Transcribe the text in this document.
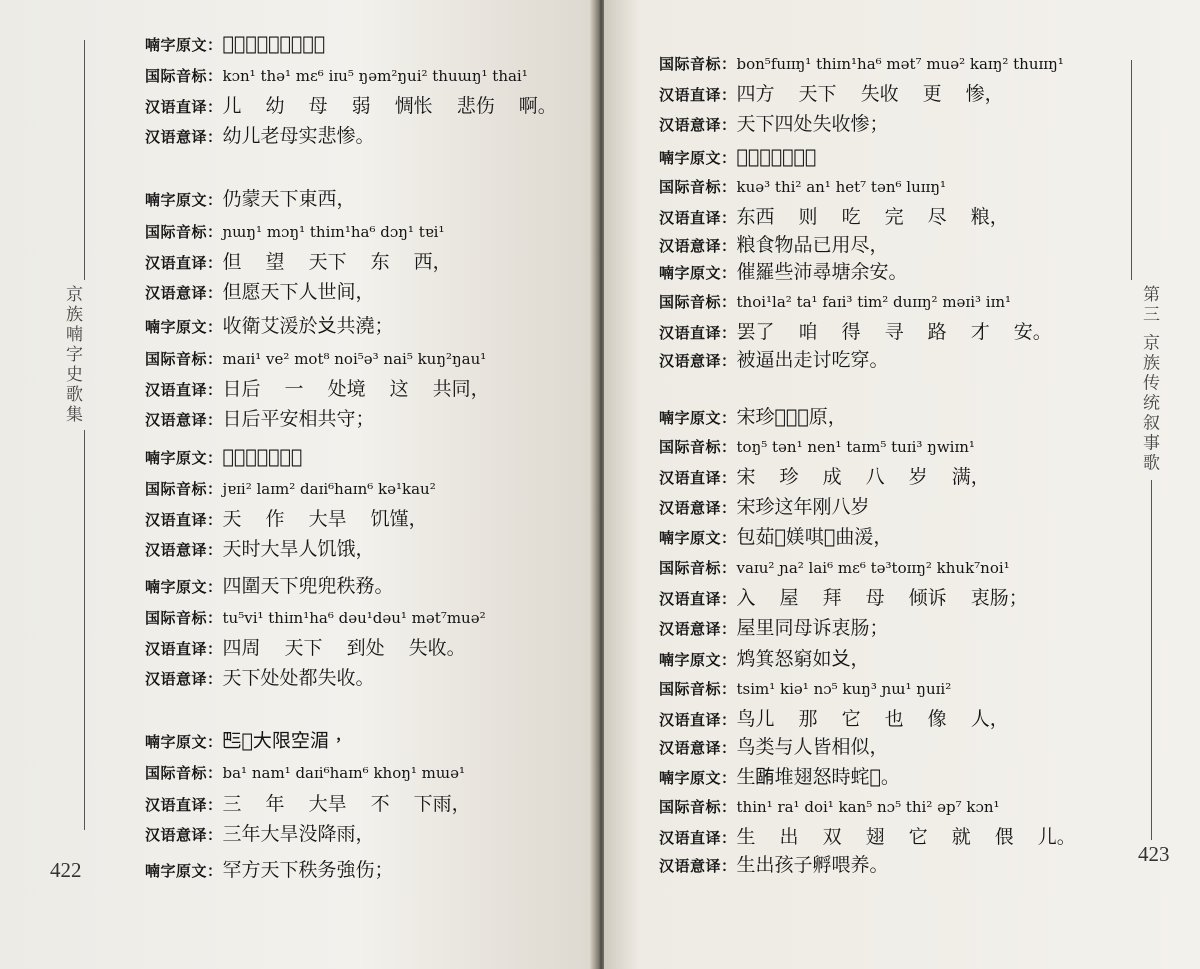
京族喃字史歌集
422
喃字原文：𤳆𥘷媄腰吟𥚇傷能。
国际音标：kɔn¹ thə¹ mɛ⁶ iɪu⁵ ŋəm²ŋui² thuɯŋ¹ thai¹
汉语直译：儿 幼 母 弱 惆怅 悲伤 啊。
汉语意译：幼儿老母实悲惨。
喃字原文：仍蒙天下東西，
国际音标：ɲɯŋ¹ mɔŋ¹ thiɪn¹ha⁶ dɔŋ¹ tɐi¹
汉语直译：但 望 天下 东 西，
汉语意译：但愿天下人世间，
喃字原文：收衛艾湲於𠬠共澆；
国际音标：maɪi¹ ve² mot⁸ noi⁵ə³ nai⁵ kuŋ²ŋau¹
汉语直译：日后 一 处境 这 共同，
汉语意译：日后平安相共守；
喃字原文：𡗶搵大限箕求，
国际音标：jɐɪi² laɪm² daɪi⁶haɪn⁶ kə¹kau²
汉语直译：天 作 大旱 饥馑，
汉语意译：天时大旱人饥饿，
喃字原文：四圍天下兜兜秩務。
国际音标：tu⁵vi¹ thiɪn¹ha⁶ dəu¹dəu¹ mət⁷muə²
汉语直译：四周 天下 到处 失收。
汉语意译：天下处处都失收。
喃字原文：𠀧𢆥大限空湄，
国际音标：ba¹ nam¹ daɪi⁶haɪn⁶ khoŋ¹ mɯə¹
汉语直译：三 年 大旱 不 下雨，
汉语意译：三年大旱没降雨，
喃字原文：罕方天下秩务強伤；
第三 京族传统叙事歌
423
国际音标：bon⁵fuɪɪŋ¹ thiɪn¹ha⁶ mət⁷ muə² kaɪŋ² thuɪɪŋ¹
汉语直译：四方 天下 失收 更 惨，
汉语意译：天下四处失收惨；
喃字原文：𡗶时吱㩜儘量，
国际音标：kuə³ thi² an¹ het⁷ tən⁶ luɪɪŋ¹
汉语直译：东西 则 吃 完 尽 粮，
汉语意译：粮食物品已用尽，
喃字原文：催羅些沛尋塘余安。
国际音标：thoi¹la² ta¹ faɪi³ tim² duɪɪŋ² məɪi³ iɪn¹
汉语直译：罢了 咱 得 寻 路 才 安。
汉语意译：被逼出走讨吃穿。
喃字原文：宋珍𢧚𠔭𣦮原，
国际音标：toŋ⁵ tən¹ nen¹ taɪm⁵ tuɪi³ ŋwiɪn¹
汉语直译：宋 珍 成 八 岁 满，
汉语意译：宋珍这年刚八岁
喃字原文：包茹𢪀媄唭𡀯曲湲，
国际音标：vaɪu² ɲa² lai⁶ mɛ⁶ tə³toɪɪŋ² khuk⁷noi¹
汉语直译：入 屋 拜 母 倾诉 衷肠；
汉语意译：屋里同母诉衷肠；
喃字原文：鸩箕怒窮如𠬠，
国际音标：tsim¹ kiə¹ nɔ⁵ kuŋ³ ɲɯ¹ ŋuɪi²
汉语直译：鸟儿 那 它 也 像 人，
汉语意译：鸟类与人皆相似，
喃字原文：生𣎏堆翅怒時䖳𤳆。
国际音标：thin¹ ra¹ doi¹ kan⁵ nɔ⁵ thi² əp⁷ kɔn¹
汉语直译：生 出 双 翅 它 就 偎 儿。
汉语意译：生出孩子孵喂养。
